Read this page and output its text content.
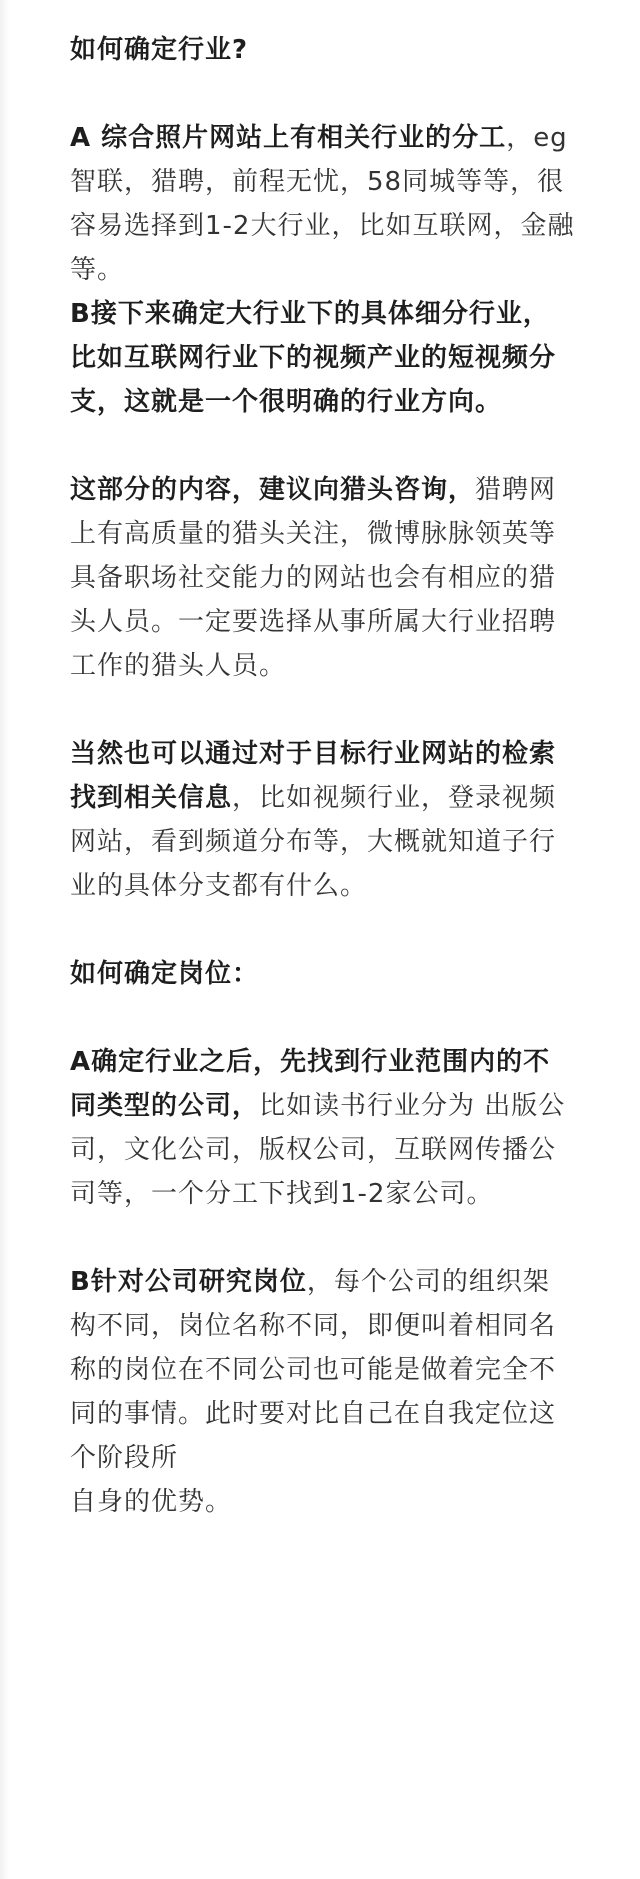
如何确定行业?
A 综合照片网站上有相关行业的分工，eg 智联，猎聘，前程无忧，58同城等等，很容易选择到1-2大行业，比如互联网，金融等。
B接下来确定大行业下的具体细分行业，比如互联网行业下的视频产业的短视频分支，这就是一个很明确的行业方向。
这部分的内容，建议向猎头咨询，猎聘网上有高质量的猎头关注，微博脉脉领英等具备职场社交能力的网站也会有相应的猎头人员。一定要选择从事所属大行业招聘工作的猎头人员。
当然也可以通过对于目标行业网站的检索找到相关信息，比如视频行业，登录视频网站，看到频道分布等，大概就知道子行业的具体分支都有什么。
如何确定岗位：
A确定行业之后，先找到行业范围内的不同类型的公司，比如读书行业分为 出版公司，文化公司，版权公司，互联网传播公司等，一个分工下找到1-2家公司。
B针对公司研究岗位，每个公司的组织架构不同，岗位名称不同，即便叫着相同名称的岗位在不同公司也可能是做着完全不同的事情。此时要对比自己在自我定位这个阶段所
自身的优势。
